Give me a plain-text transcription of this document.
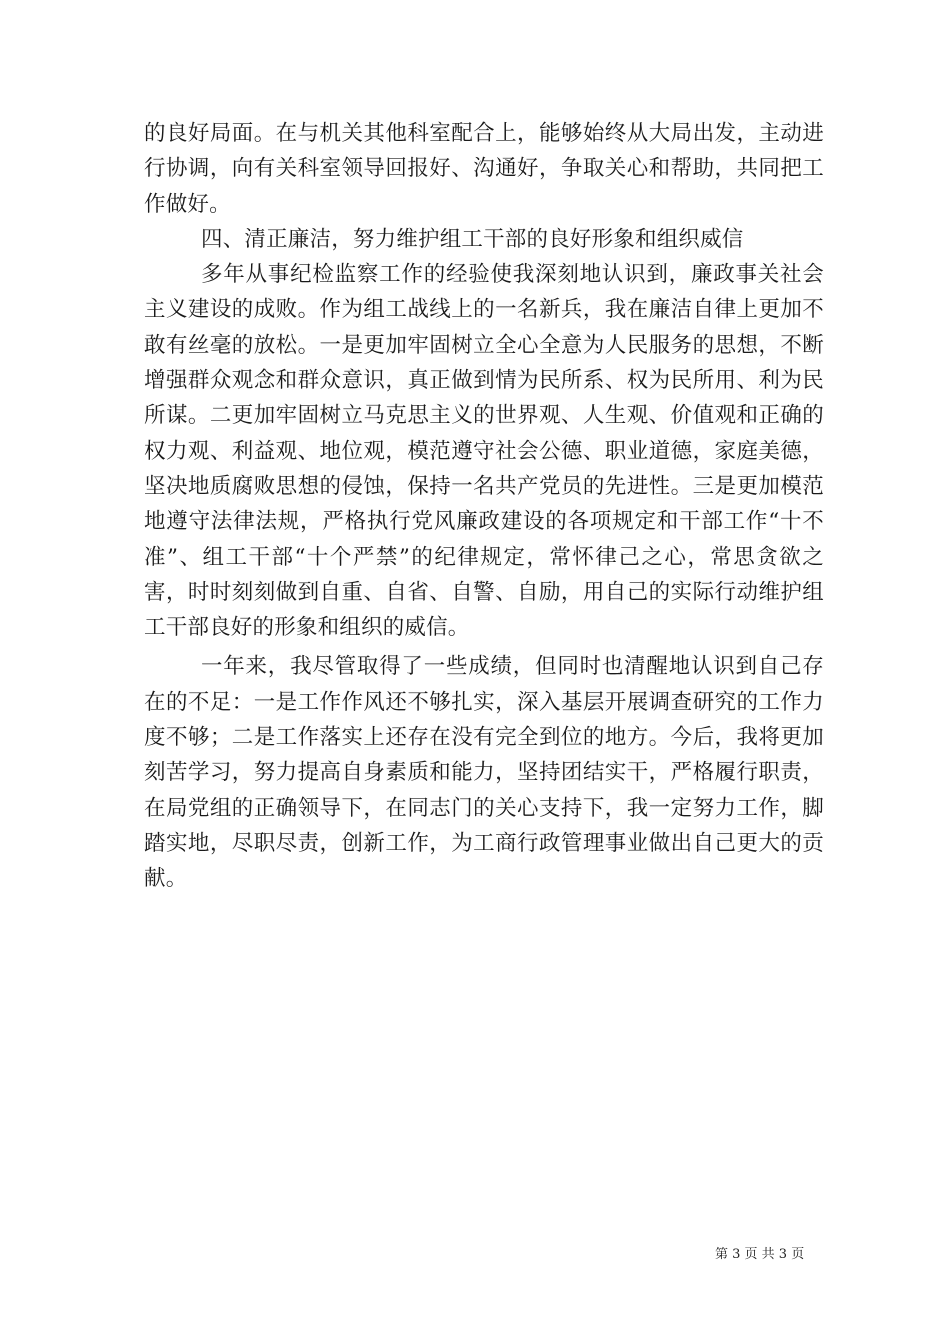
的良好局面。在与机关其他科室配合上，能够始终从大局出发，主动进行协调，向有关科室领导回报好、沟通好，争取关心和帮助，共同把工作做好。

四、清正廉洁，努力维护组工干部的良好形象和组织威信

多年从事纪检监察工作的经验使我深刻地认识到，廉政事关社会主义建设的成败。作为组工战线上的一名新兵，我在廉洁自律上更加不敢有丝毫的放松。一是更加牢固树立全心全意为人民服务的思想，不断增强群众观念和群众意识，真正做到情为民所系、权为民所用、利为民所谋。二更加牢固树立马克思主义的世界观、人生观、价值观和正确的权力观、利益观、地位观，模范遵守社会公德、职业道德，家庭美德，坚决地质腐败思想的侵蚀，保持一名共产党员的先进性。三是更加模范地遵守法律法规，严格执行党风廉政建设的各项规定和干部工作“十不准”、组工干部“十个严禁”的纪律规定，常怀律己之心，常思贪欲之害，时时刻刻做到自重、自省、自警、自励，用自己的实际行动维护组工干部良好的形象和组织的威信。

一年来，我尽管取得了一些成绩，但同时也清醒地认识到自己存在的不足：一是工作作风还不够扎实，深入基层开展调查研究的工作力度不够；二是工作落实上还存在没有完全到位的地方。今后，我将更加刻苦学习，努力提高自身素质和能力，坚持团结实干，严格履行职责，在局党组的正确领导下，在同志门的关心支持下，我一定努力工作，脚踏实地，尽职尽责，创新工作，为工商行政管理事业做出自己更大的贡献。

第 3 页 共 3 页
